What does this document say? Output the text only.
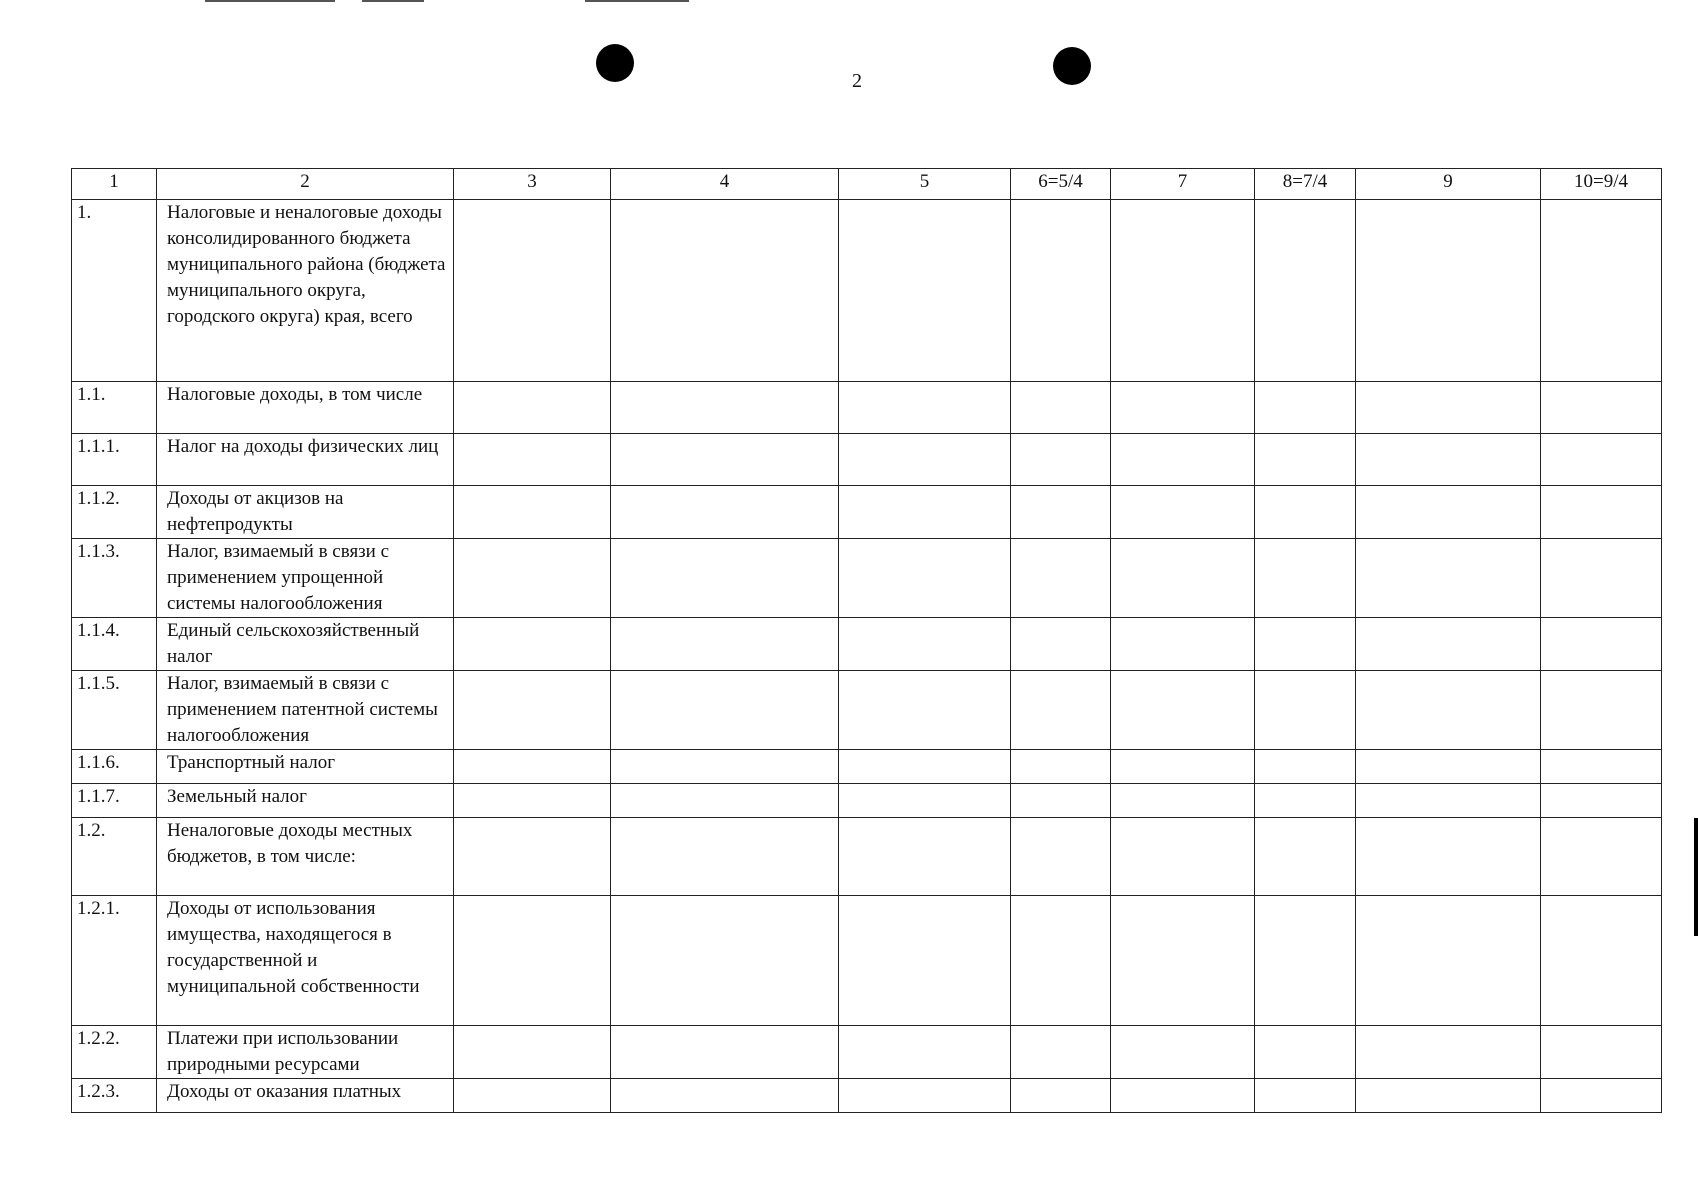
2
1	2	3	4	5	6=5/4	7	8=7/4	9	10=9/4
1.	Налоговые и неналоговые доходы консолидированного бюджета муниципального района (бюджета муниципального округа, городского округа) края, всего								
1.1.	Налоговые доходы, в том числе								
1.1.1.	Налог на доходы физических лиц								
1.1.2.	Доходы от акцизов на нефтепродукты								
1.1.3.	Налог, взимаемый в связи с применением упрощенной системы налогообложения								
1.1.4.	Единый сельскохозяйственный налог								
1.1.5.	Налог, взимаемый в связи с применением патентной системы налогообложения								
1.1.6.	Транспортный налог								
1.1.7.	Земельный налог								
1.2.	Неналоговые доходы местных бюджетов, в том числе:								
1.2.1.	Доходы от использования имущества, находящегося в государственной и муниципальной собственности								
1.2.2.	Платежи при использовании природными ресурсами								
1.2.3.	Доходы от оказания платных								
